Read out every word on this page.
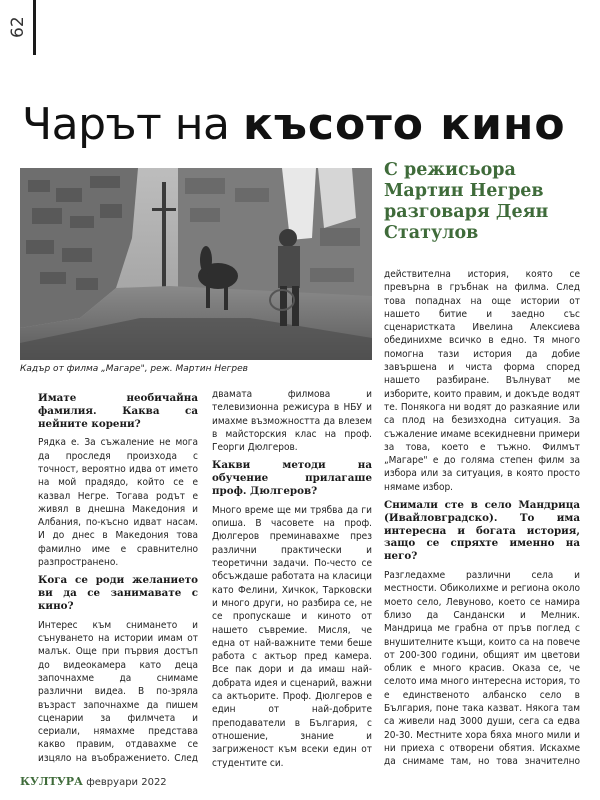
62
Чарът на късото кино
Кадър от филма „Магаре", реж. Мартин Негрев
С режисьора Мартин Негрев разговаря Деян Статулов
Имате необичайна фамилия. Каква са нейните корени?

Рядка е. За съжаление не мога да проследя произхода с точност, вероятно идва от името на мой прадядо, който се е казвал Негре. Тогава родът е живял в днешна Македония и Албания, по-късно идват насам. И до днес в Македония това фамилно име е сравнително разпространено.

Кога се роди желанието ви да се занимавате с кино?

Интерес към снимането и сънуването на истории имам от малък. Още при първия достъп до видеокамера като деца започнахме да снимаме различни видеа. В по-зряла възраст започнахме да пишем сценарии за филмчета и сериали, нямахме представа какво правим, отдавахме се изцяло на въображението. След

двамата филмова и телевизионна режисура в НБУ и имахме възможността да влезем в майсторския клас на проф. Георги Дюлгеров.

Какви методи на обучение прилагаше проф. Дюлгеров?

Много време ще ми трябва да ги опиша. В часовете на проф. Дюлгеров преминавахме през различни практически и теоретични задачи. По-често се обсъждаше работата на класици като Фелини, Хичкок, Тарковски и много други, но разбира се, не се пропускаше и киното от нашето съвремие. Мисля, че една от най-важните теми беше работа с актьор пред камера. Все пак дори и да имаш най-добрата идея и сценарий, важни са актьорите. Проф. Дюлгеров е един от най-добрите преподаватели в България, с отношение, знание и загриженост към всеки един от студентите си.

действителна история, която се превърна в гръбнак на филма. След това попаднах на още истории от нашето битие и заедно със сценаристката Ивелина Алексиева обединихме всичко в едно. Тя много помогна тази история да добие завършена и чиста форма според нашето разбиране. Вълнуват ме изборите, които правим, и докъде водят те. Понякога ни водят до разкаяние или са плод на безизходна ситуация. За съжаление имаме всекидневни примери за това, което е тъжно. Филмът „Магаре" е до голяма степен филм за избора или за ситуация, в която просто нямаме избор.

Снимали сте в село Мандрица (Ивайловградско). То има интересна и богата история, защо се спряхте именно на него?

Разгледахме различни села и местности. Обиколихме и региона около моето село, Левуново, което се намира близо да Сандански и Мелник. Мандрица ме грабна от пръв поглед с внушителните къщи, които са на повече от 200-300 години, общият им цветови облик е много красив. Оказа се, че селото има много интересна история, то е единственото албанско село в България, поне така казват. Някога там са живели над 3000 души, сега са едва 20-30. Местните хора бяха много мили и ни приеха с отворени обятия. Искахме да снимаме там, но това значително

КУЛТУРА февруари 2022
